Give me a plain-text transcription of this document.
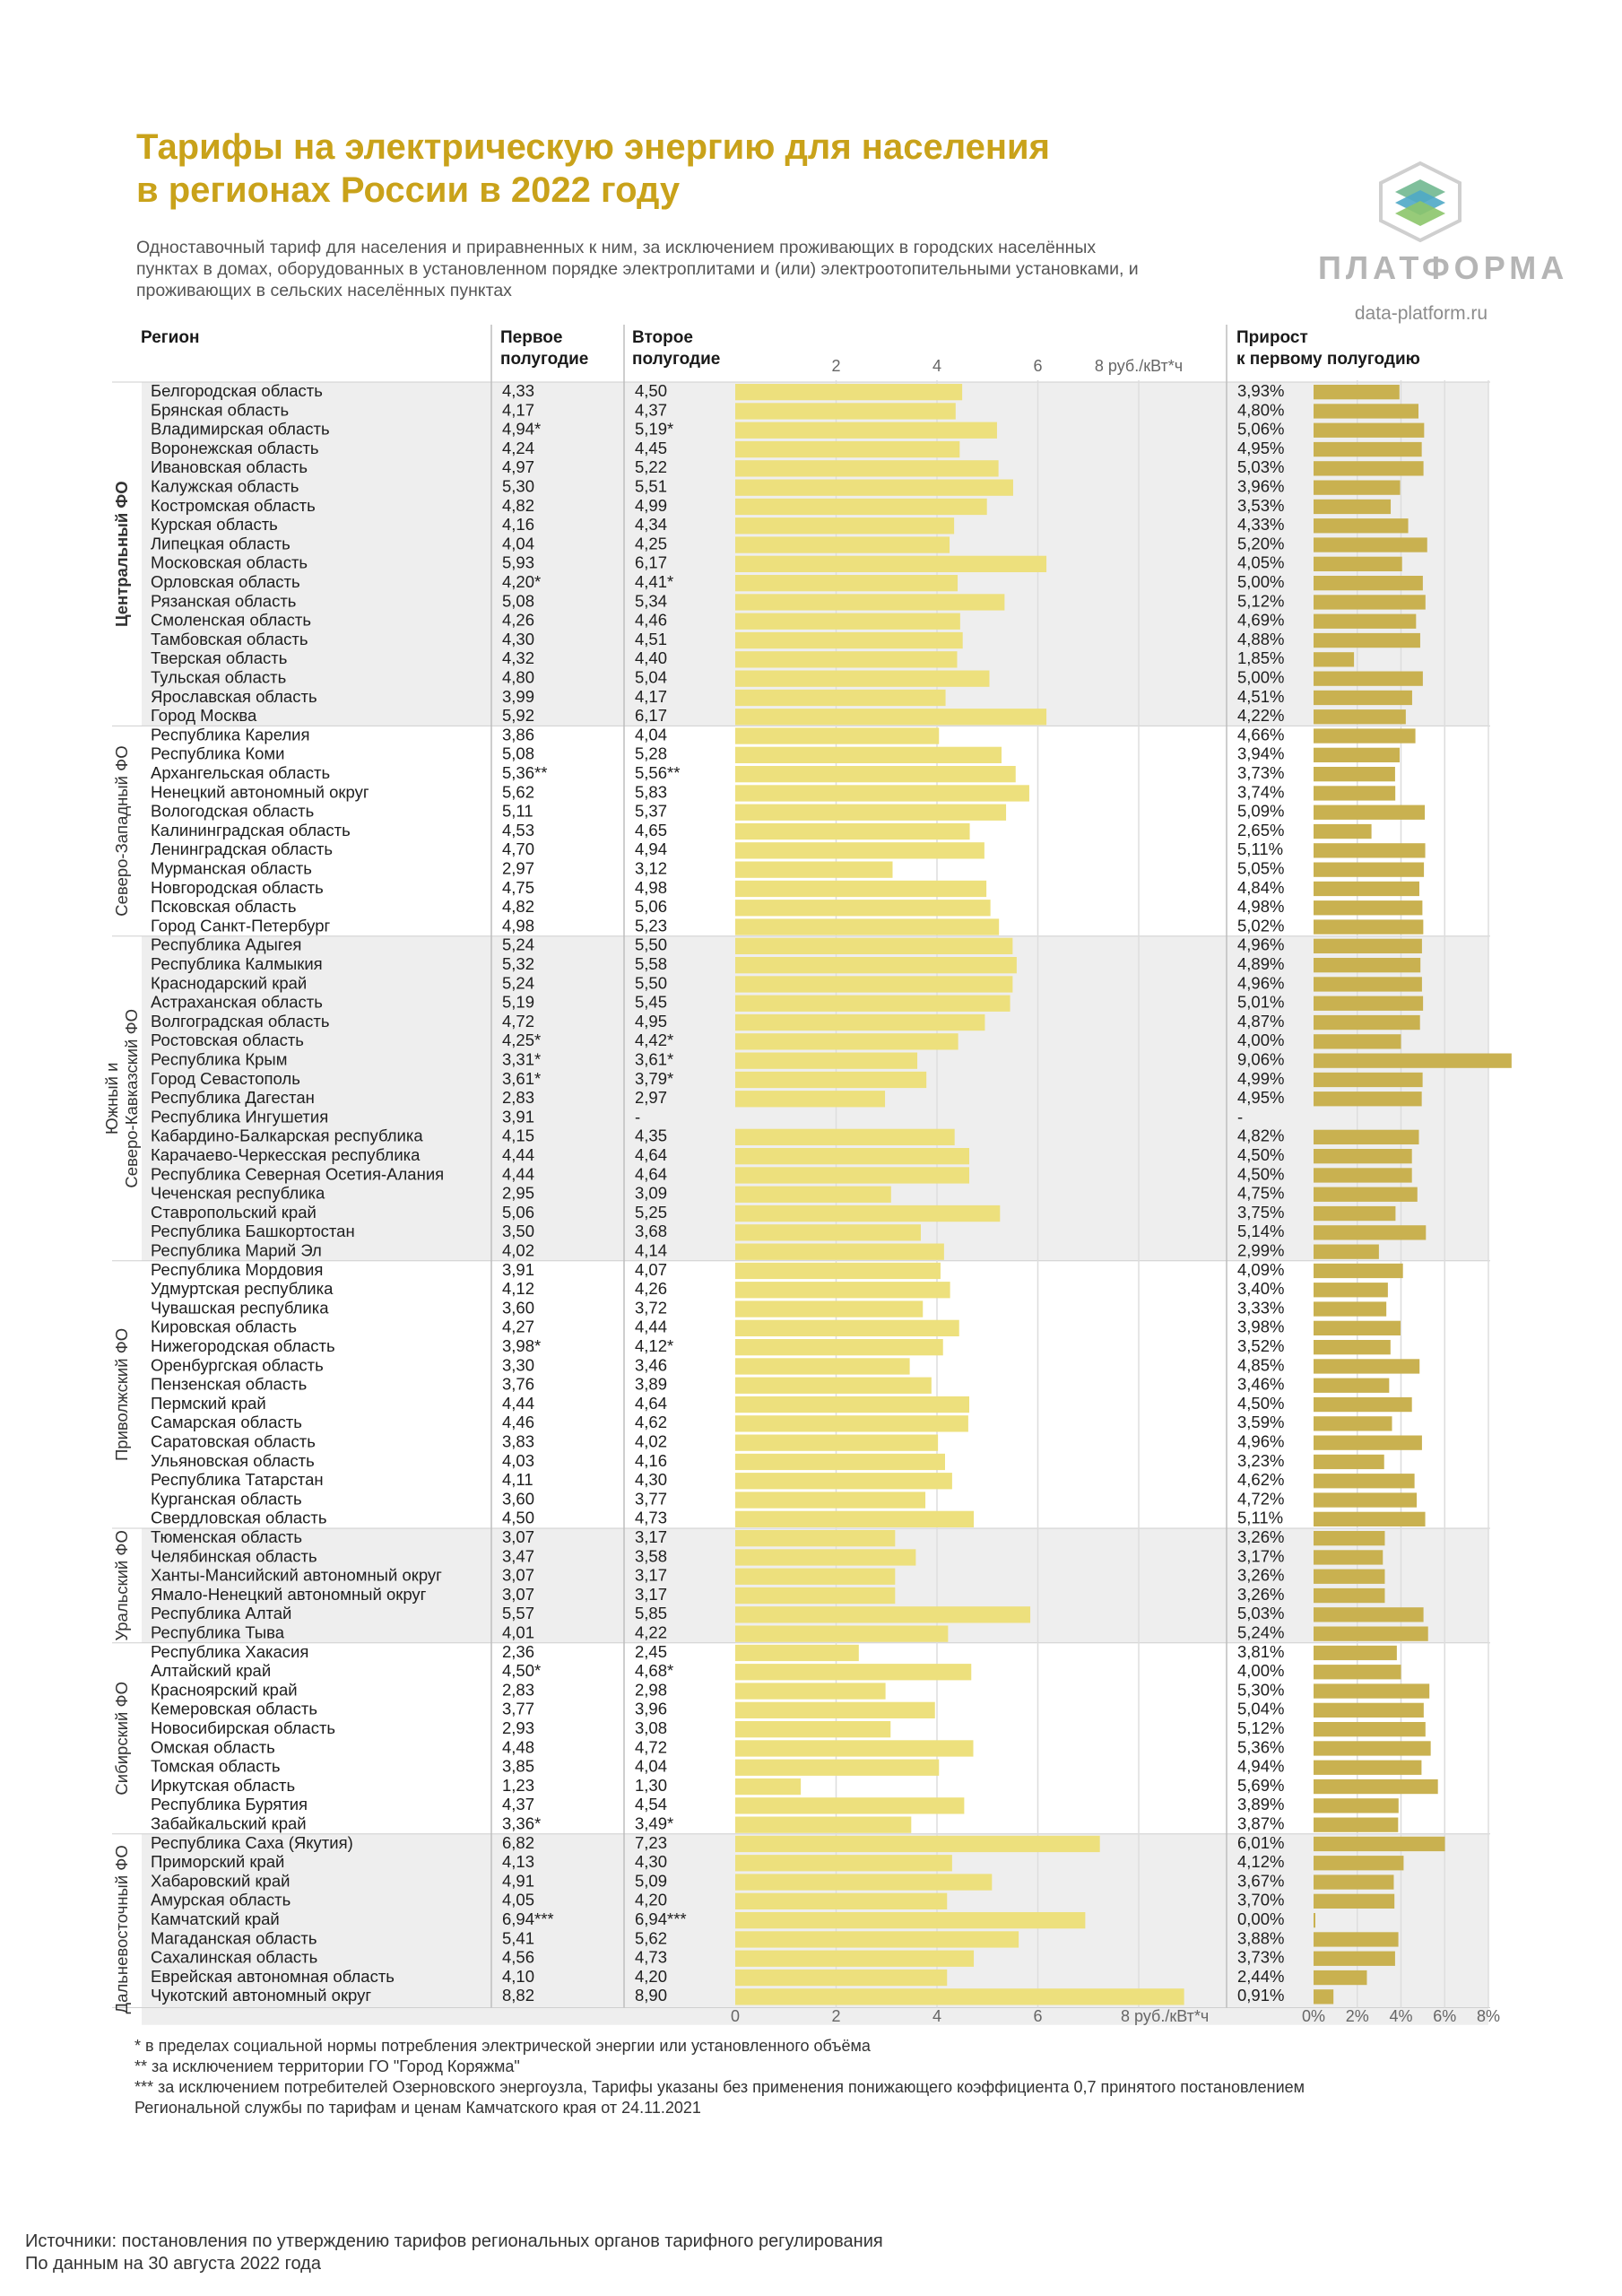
Тарифы на электрическую энергию для населения
в регионах России в 2022 году
Одноставочный тариф для населения и приравненных к ним, за исключением проживающих в городских населённых
пунктах в домах, оборудованных в установленном порядке электроплитами и (или) электроотопительными установками, и
проживающих в сельских населённых пунктах
ПЛАТФОРМА
data-platform.ru
Регион	Первое
полугодие
Второе
полугодие
Прирост
к первому полугодию
Белгородская область	4,33	4,50	3,93%
Брянская область	4,17	4,37	4,80%
Владимирская область	4,94*	5,19*	5,06%
Воронежская область	4,24	4,45	4,95%
Ивановская область	4,97	5,22	5,03%
Калужская область	5,30	5,51	3,96%
Костромская область	4,82	4,99	3,53%
Курская область	4,16	4,34	4,33%
Липецкая область	4,04	4,25	5,20%
Московская область	5,93	6,17	4,05%
Орловская область	4,20*	4,41*	5,00%
Рязанская область	5,08	5,34	5,12%
Смоленская область	4,26	4,46	4,69%
Тамбовская область	4,30	4,51	4,88%
Тверская область	4,32	4,40	1,85%
Тульская область	4,80	5,04	5,00%
Ярославская область	3,99	4,17	4,51%
Город Москва	5,92	6,17	4,22%
Республика Карелия	3,86	4,04	4,66%
Республика Коми	5,08	5,28	3,94%
Архангельская область	5,36**	5,56**	3,73%
Ненецкий автономный округ	5,62	5,83	3,74%
Вологодская область	5,11	5,37	5,09%
Калининградская область	4,53	4,65	2,65%
Ленинградская область	4,70	4,94	5,11%
Мурманская область	2,97	3,12	5,05%
Новгородская область	4,75	4,98	4,84%
Псковская область	4,82	5,06	4,98%
Город Санкт-Петербург	4,98	5,23	5,02%
Республика Адыгея	5,24	5,50	4,96%
Республика Калмыкия	5,32	5,58	4,89%
Краснодарский край	5,24	5,50	4,96%
Астраханская область	5,19	5,45	5,01%
Волгоградская область	4,72	4,95	4,87%
Ростовская область	4,25*	4,42*	4,00%
Республика Крым	3,31*	3,61*	9,06%
Город Севастополь	3,61*	3,79*	4,99%
Республика Дагестан	2,83	2,97	4,95%
Республика Ингушетия	3,91	-	-
Кабардино-Балкарская республика	4,15	4,35	4,82%
Карачаево-Черкесская республика	4,44	4,64	4,50%
Республика Северная Осетия-Алания	4,44	4,64	4,50%
Чеченская республика	2,95	3,09	4,75%
Ставропольский край	5,06	5,25	3,75%
Республика Башкортостан	3,50	3,68	5,14%
Республика Марий Эл	4,02	4,14	2,99%
Республика Мордовия	3,91	4,07	4,09%
Удмуртская республика	4,12	4,26	3,40%
Чувашская республика	3,60	3,72	3,33%
Кировская область	4,27	4,44	3,98%
Нижегородская область	3,98*	4,12*	3,52%
Оренбургская область	3,30	3,46	4,85%
Пензенская область	3,76	3,89	3,46%
Пермский край	4,44	4,64	4,50%
Самарская область	4,46	4,62	3,59%
Саратовская область	3,83	4,02	4,96%
Ульяновская область	4,03	4,16	3,23%
Республика Татарстан	4,11	4,30	4,62%
Курганская область	3,60	3,77	4,72%
Свердловская область	4,50	4,73	5,11%
Тюменская область	3,07	3,17	3,26%
Челябинская область	3,47	3,58	3,17%
Ханты-Мансийский автономный округ	3,07	3,17	3,26%
Ямало-Ненецкий автономный округ	3,07	3,17	3,26%
Республика Алтай	5,57	5,85	5,03%
Республика Тыва	4,01	4,22	5,24%
Республика Хакасия	2,36	2,45	3,81%
Алтайский край	4,50*	4,68*	4,00%
Красноярский край	2,83	2,98	5,30%
Кемеровская область	3,77	3,96	5,04%
Новосибирская область	2,93	3,08	5,12%
Омская область	4,48	4,72	5,36%
Томская область	3,85	4,04	4,94%
Иркутская область	1,23	1,30	5,69%
Республика Бурятия	4,37	4,54	3,89%
Забайкальский край	3,36*	3,49*	3,87%
Республика Саха (Якутия)	6,82	7,23	6,01%
Приморский край	4,13	4,30	4,12%
Хабаровский край	4,91	5,09	3,67%
Амурская область	4,05	4,20	3,70%
Камчатский край	6,94***	6,94***	0,00%
Магаданская область	5,41	5,62	3,88%
Сахалинская область	4,56	4,73	3,73%
Еврейская автономная область	4,10	4,20	2,44%
Чукотский автономный округ	8,82	8,90	0,91%
Центральный ФО
Северо-Западный ФО
Южный и Северо-Кавказский ФО
Приволжский ФО
Уральский ФО
Сибирский ФО
Дальневосточный ФО
0
2
2
4
4
6
6
8 руб./кВт*ч
8 руб./кВт*ч	0% 2% 4% 6% 8%
* в пределах социальной нормы потребления электрической энергии или установленного объёма
** за исключением территории ГО "Город Коряжма"
*** за исключением потребителей Озерновского энергоузла, Тарифы указаны без применения понижающего коэффициента 0,7 принятого постановлением
Региональной службы по тарифам и ценам Камчатского края от 24.11.2021
Источники: постановления по утверждению тарифов региональных органов тарифного регулирования
По данным на 30 августа 2022 года
